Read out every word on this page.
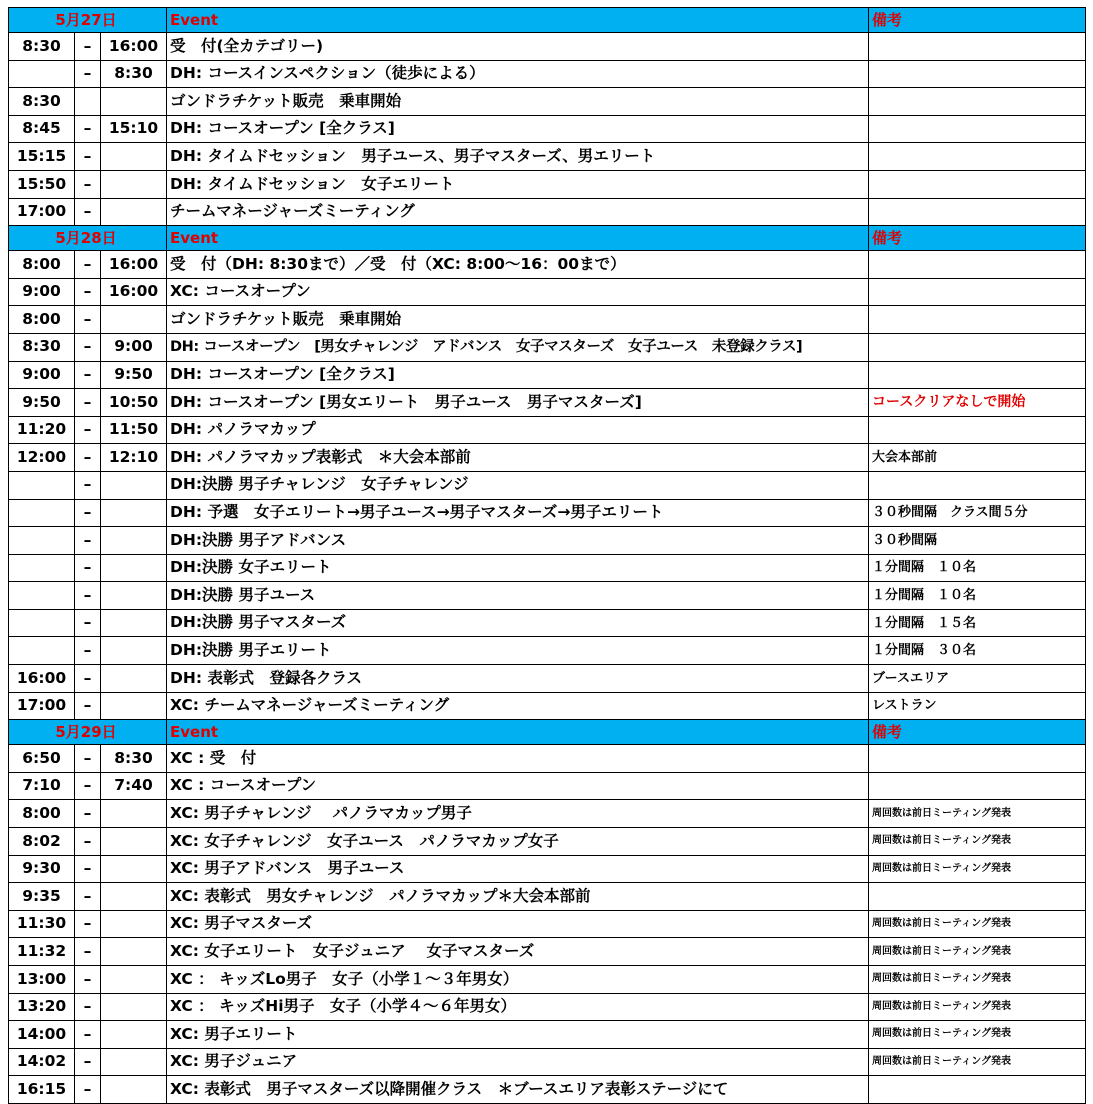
5月27日			Event	備考
8:30	–	16:00	受　付(全カテゴリー)	
	–	8:30	DH: コースインスペクション（徒歩による）	
8:30			ゴンドラチケット販売　乗車開始	
8:45	–	15:10	DH: コースオープン [全クラス]	
15:15	–		DH: タイムドセッション　男子ユース、男子マスターズ、男エリート	
15:50	–		DH: タイムドセッション　女子エリート	
17:00	–		チームマネージャーズミーティング	
5月28日			Event	備考
8:00	–	16:00	受　付（DH: 8:30まで）／受　付（XC: 8:00～16：00まで）	
9:00	–	16:00	XC: コースオープン	
8:00	–		ゴンドラチケット販売　乗車開始	
8:30	–	9:00	DH: コースオープン　[男女チャレンジ　アドバンス　女子マスターズ　女子ユース　未登録クラス]	
9:00	–	9:50	DH: コースオープン [全クラス]	
9:50	–	10:50	DH: コースオープン [男女エリート　男子ユース　男子マスターズ]	コースクリアなしで開始
11:20	–	11:50	DH: パノラマカップ	
12:00	–	12:10	DH: パノラマカップ表彰式　＊大会本部前	大会本部前
	–		DH:決勝 男子チャレンジ　女子チャレンジ	
	–		DH: 予選　女子エリート→男子ユース→男子マスターズ→男子エリート	３０秒間隔　クラス間５分
	–		DH:決勝 男子アドバンス	３０秒間隔
	–		DH:決勝 女子エリート	１分間隔　１０名
	–		DH:決勝 男子ユース	１分間隔　１０名
	–		DH:決勝 男子マスターズ	１分間隔　１５名
	–		DH:決勝 男子エリート	１分間隔　３０名
16:00	–		DH: 表彰式　登録各クラス	ブースエリア
17:00	–		XC: チームマネージャーズミーティング	レストラン
5月29日			Event	備考
6:50	–	8:30	XC : 受　付	
7:10	–	7:40	XC : コースオープン	
8:00	–		XC: 男子チャレンジ　 パノラマカップ男子	周回数は前日ミーティング発表
8:02	–		XC: 女子チャレンジ　女子ユース　パノラマカップ女子	周回数は前日ミーティング発表
9:30	–		XC: 男子アドバンス　男子ユース	周回数は前日ミーティング発表
9:35	–		XC: 表彰式　男女チャレンジ　パノラマカップ＊大会本部前	
11:30	–		XC: 男子マスターズ	周回数は前日ミーティング発表
11:32	–		XC: 女子エリート　女子ジュニア　 女子マスターズ	周回数は前日ミーティング発表
13:00	–		XC ： キッズLo男子　女子（小学１～３年男女）	周回数は前日ミーティング発表
13:20	–		XC ： キッズHi男子　女子（小学４～６年男女）	周回数は前日ミーティング発表
14:00	–		XC: 男子エリート	周回数は前日ミーティング発表
14:02	–		XC: 男子ジュニア	周回数は前日ミーティング発表
16:15	–		XC: 表彰式　男子マスターズ以降開催クラス　＊ブースエリア表彰ステージにて	
